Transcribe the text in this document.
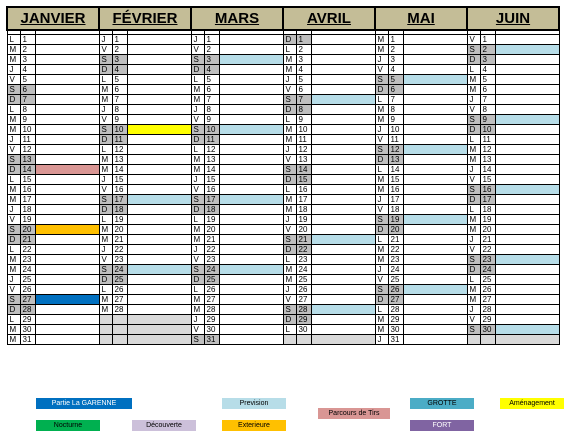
JANVIER			FÉVRIER			MARS			AVRIL			MAI			JUIN		

L	1		J	1		J	1		D	1		M	1		V	1	
M	2		V	2		V	2		L	2		M	2		S	2	
M	3		S	3		S	3		M	3		J	3		D	3	
J	4		D	4		D	4		M	4		V	4		L	4	
V	5		L	5		L	5		J	5		S	5		M	5	
S	6		M	6		M	6		V	6		D	6		M	6	
D	7		M	7		M	7		S	7		L	7		J	7	
L	8		J	8		J	8		D	8		M	8		V	8	
M	9		V	9		V	9		L	9		M	9		S	9	
M	10		S	10		S	10		M	10		J	10		D	10	
J	11		D	11		D	11		M	11		V	11		L	11	
V	12		L	12		L	12		J	12		S	12		M	12	
S	13		M	13		M	13		V	13		D	13		M	13	
D	14		M	14		M	14		S	14		L	14		J	14	
L	15		J	15		J	15		D	15		M	15		V	15	
M	16		V	16		V	16		L	16		M	16		S	16	
M	17		S	17		S	17		M	17		J	17		D	17	
J	18		D	18		D	18		M	18		V	18		L	18	
V	19		L	19		L	19		J	19		S	19		M	19	
S	20		M	20		M	20		V	20		D	20		M	20	
D	21		M	21		M	21		S	21		L	21		J	21	
L	22		J	22		J	22		D	22		M	22		V	22	
M	23		V	23		V	23		L	23		M	23		S	23	
M	24		S	24		S	24		M	24		J	24		D	24	
J	25		D	25		D	25		M	25		V	25		L	25	
V	26		L	26		L	26		J	26		S	26		M	26	
S	27		M	27		M	27		V	27		D	27		M	27	
D	28		M	28		M	28		S	28		L	28		J	28	
L	29					J	29		D	29		M	29		V	29	
M	30					V	30		L	30		M	30		S	30	
M	31					S	31					J	31				
Partie La GARENNE	Prevision
Parcours de Tirs
GROTTE	Aménagement
Nocturne	Découverte	Exterieure	FORT
